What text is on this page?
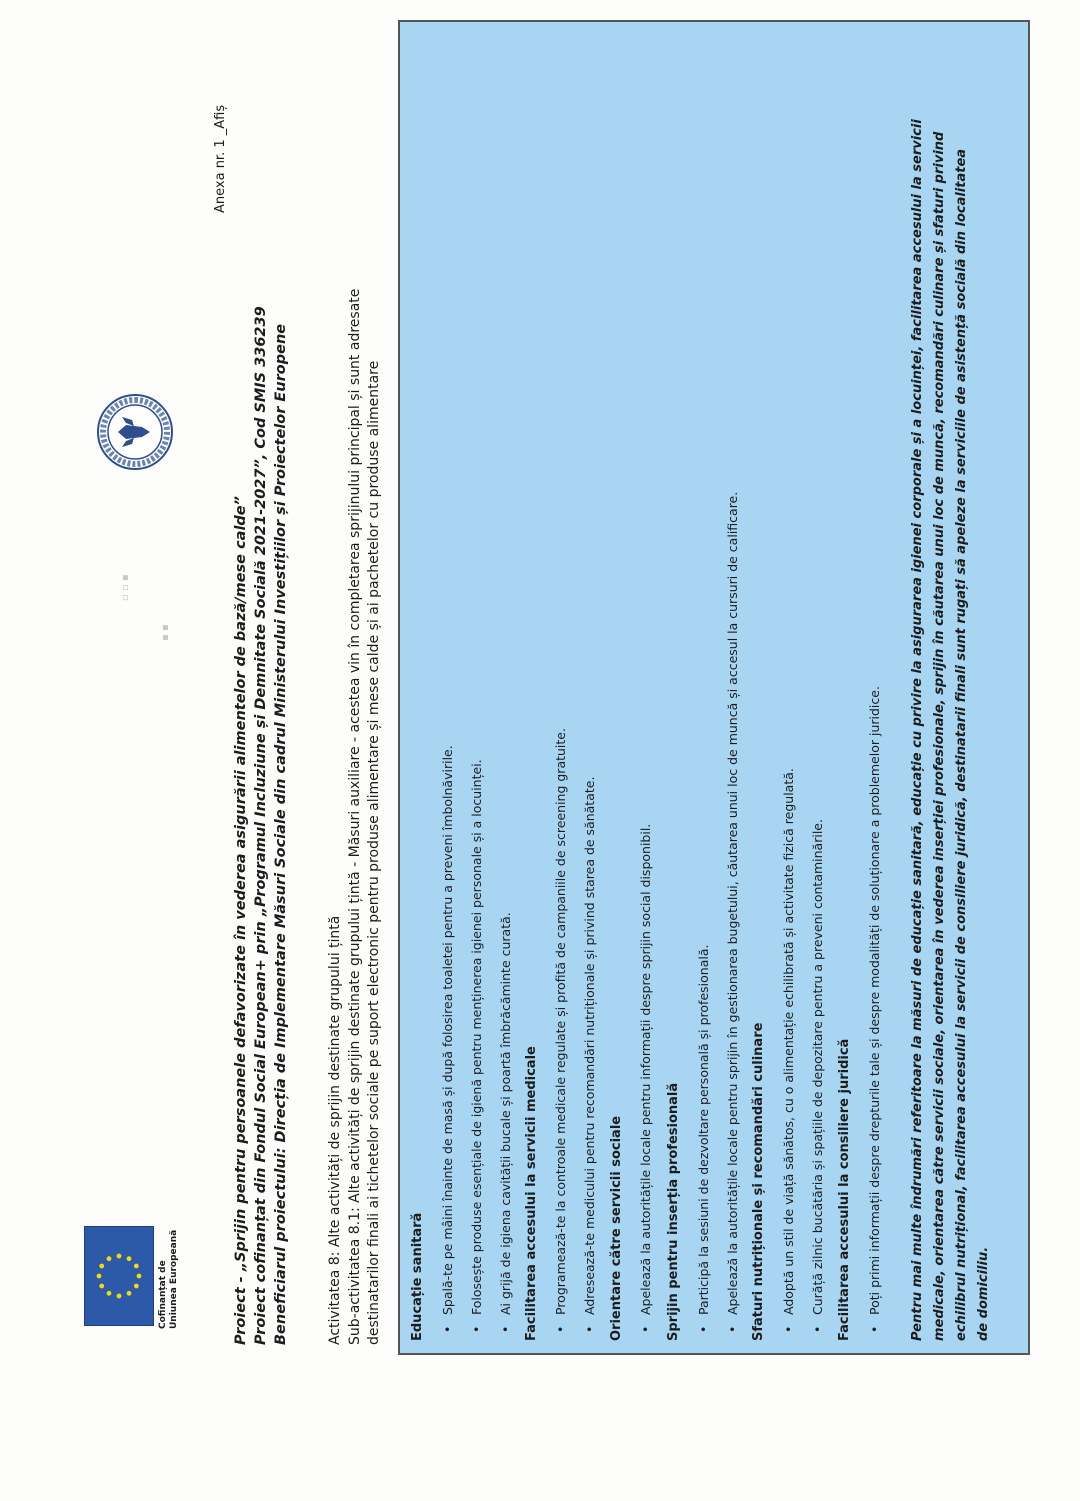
Cofinanțat de Uniunea Europeană
▪ ▪
▫ ▫ ▪
Anexa nr. 1 _Afiș
Proiect - „Sprijin pentru persoanele defavorizate în vederea asigurării alimentelor de bază/mese calde” Proiect cofinanțat din Fondul Social European+ prin „Programul Incluziune și Demnitate Socială 2021-2027”, Cod SMIS 336239 Beneficiarul proiectului: Direcția de Implementare Măsuri Sociale din cadrul Ministerului Investițiilor și Proiectelor Europene	Activitatea 8: Alte activități de sprijin destinate grupului țintă Sub-activitatea 8.1: Alte activități de sprijin destinate grupului țintă - Măsuri auxiliare - acestea vin în completarea sprijinului principal și sunt adresate destinatarilor finali ai tichetelor sociale pe suport electronic pentru produse alimentare și mese calde și ai pachetelor cu produse alimentare Educație sanitară •Spală-te pe mâini înainte de masă și după folosirea toaletei pentru a preveni îmbolnăvirile.
•Folosește produse esențiale de igienă pentru menținerea igienei personale și a locuinței.
•Ai grijă de igiena cavității bucale și poartă îmbrăcăminte curată. Facilitarea accesului la servicii medicale •Programează-te la controale medicale regulate și profită de campaniile de screening gratuite.
•Adresează-te medicului pentru recomandări nutriționale și privind starea de sănătate. Orientare către servicii sociale •Apelează la autoritățile locale pentru informații despre sprijin social disponibil. Sprijin pentru inserția profesională •Participă la sesiuni de dezvoltare personală și profesională.
•Apelează la autoritățile locale pentru sprijin în gestionarea bugetului, căutarea unui loc de muncă și accesul la cursuri de calificare. Sfaturi nutriționale și recomandări culinare •Adoptă un stil de viață sănătos, cu o alimentație echilibrată și activitate fizică regulată.
•Curăță zilnic bucătăria și spațiile de depozitare pentru a preveni contaminările. Facilitarea accesului la consiliere juridică •Poți primi informații despre drepturile tale și despre modalități de soluționare a problemelor juridice. Pentru mai multe îndrumări referitoare la măsuri de educație sanitară, educație cu privire la asigurarea igienei corporale și a locuinței, facilitarea accesului la servicii medicale, orientarea către servicii sociale, orientarea în vederea inserției profesionale, sprijin în căutarea unui loc de muncă, recomandări culinare și sfaturi privind echilibrul nutrițional, facilitarea accesului la servicii de consiliere juridică, destinatarii finali sunt rugați să apeleze la serviciile de asistență socială din localitatea de domiciliu.
